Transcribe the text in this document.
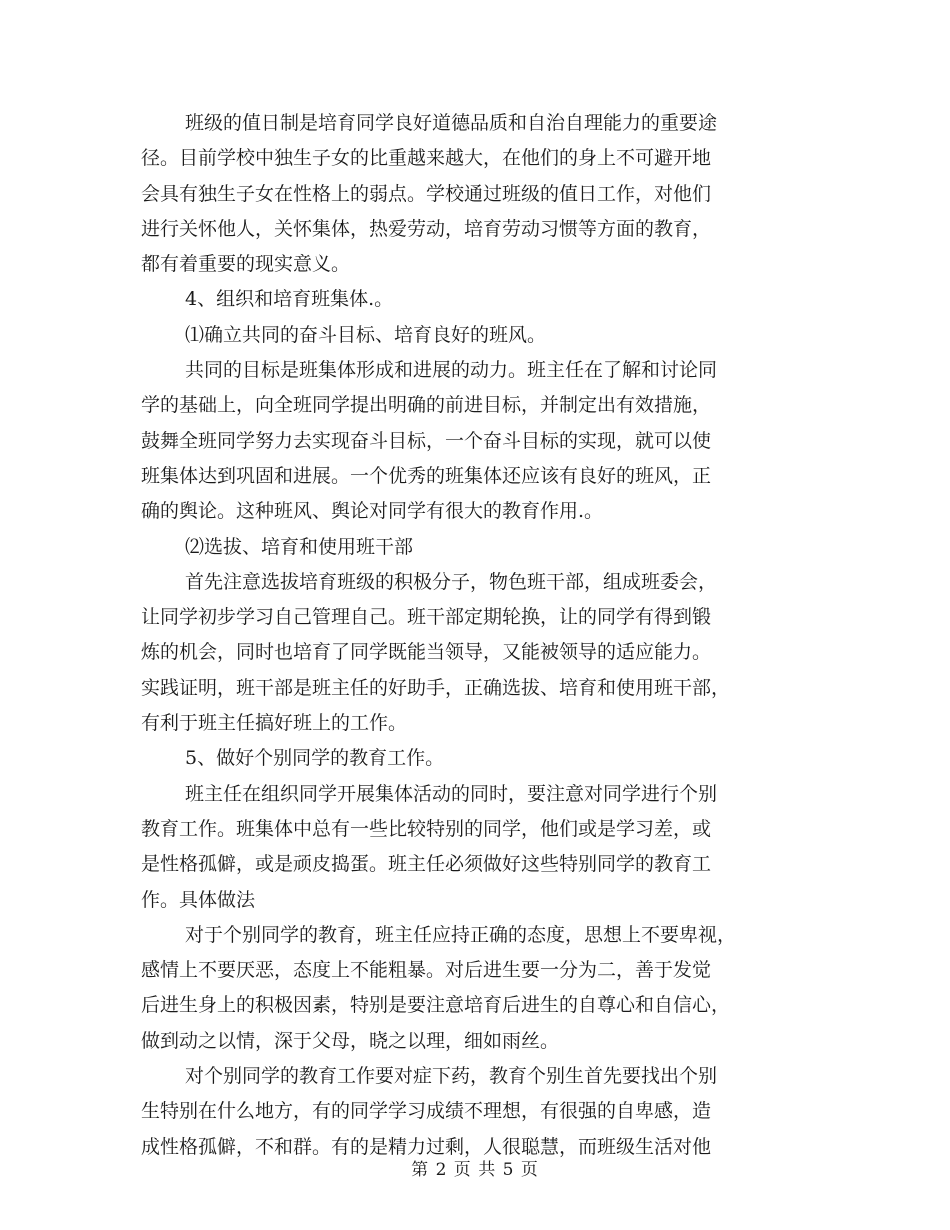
班级的值日制是培育同学良好道德品质和自治自理能力的重要途
径。目前学校中独生子女的比重越来越大，在他们的身上不可避开地
会具有独生子女在性格上的弱点。学校通过班级的值日工作，对他们
进行关怀他人，关怀集体，热爱劳动，培育劳动习惯等方面的教育，
都有着重要的现实意义。
4、组织和培育班集体.。
⑴确立共同的奋斗目标、培育良好的班风。
共同的目标是班集体形成和进展的动力。班主任在了解和讨论同
学的基础上，向全班同学提出明确的前进目标，并制定出有效措施，
鼓舞全班同学努力去实现奋斗目标，一个奋斗目标的实现，就可以使
班集体达到巩固和进展。一个优秀的班集体还应该有良好的班风，正
确的舆论。这种班风、舆论对同学有很大的教育作用.。
⑵选拔、培育和使用班干部
首先注意选拔培育班级的积极分子，物色班干部，组成班委会，
让同学初步学习自己管理自己。班干部定期轮换，让的同学有得到锻
炼的机会，同时也培育了同学既能当领导，又能被领导的适应能力。
实践证明，班干部是班主任的好助手，正确选拔、培育和使用班干部，
有利于班主任搞好班上的工作。
5、做好个别同学的教育工作。
班主任在组织同学开展集体活动的同时，要注意对同学进行个别
教育工作。班集体中总有一些比较特别的同学，他们或是学习差，或
是性格孤僻，或是顽皮捣蛋。班主任必须做好这些特别同学的教育工
作。具体做法
对于个别同学的教育，班主任应持正确的态度，思想上不要卑视，
感情上不要厌恶，态度上不能粗暴。对后进生要一分为二，善于发觉
后进生身上的积极因素，特别是要注意培育后进生的自尊心和自信心，
做到动之以情，深于父母，晓之以理，细如雨丝。
对个别同学的教育工作要对症下药，教育个别生首先要找出个别
生特别在什么地方，有的同学学习成绩不理想，有很强的自卑感，造
成性格孤僻，不和群。有的是精力过剩，人很聪慧，而班级生活对他
第 2 页 共 5 页
